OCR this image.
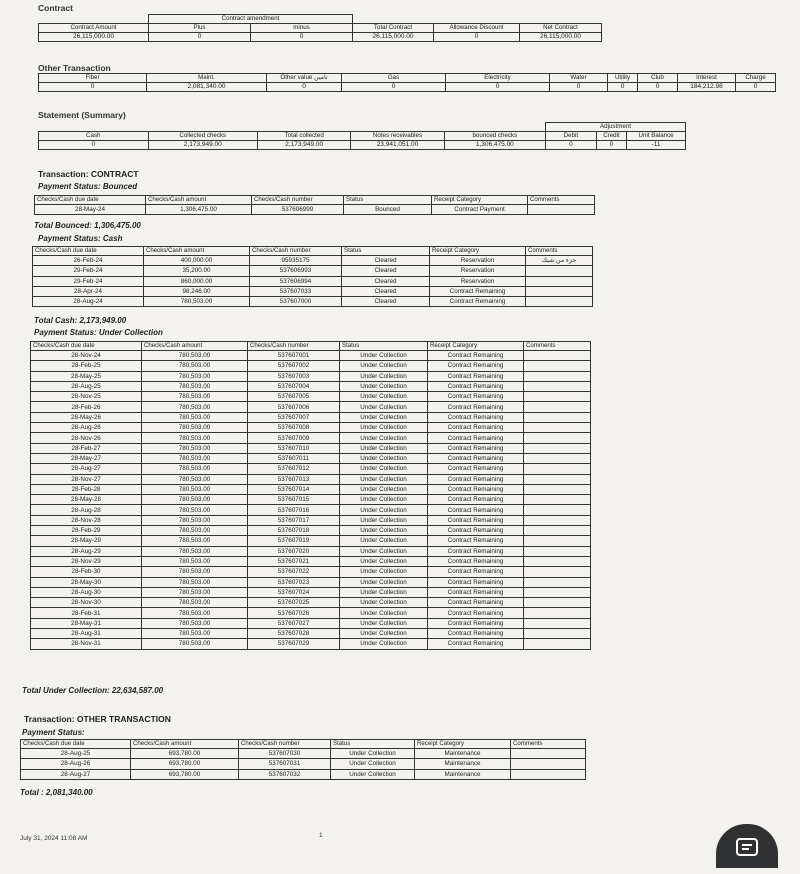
Contract
	Contract amendment				
Contract Amount	Plus	minus	Total Contract	Allowance Discount	Net Contract
26,115,000.00	0	0	26,115,000.00	0	26,115,000.00
Other Transaction
Fiber	Maint.	Other value تأمين	Gas	Electricity	Water	Utility	Club	Interest	Charge
0	2,081,340.00	0	0	0	0	0	0	184,212.98	0
Statement (Summary)
					Adjustment		
Cash	Collected checks	Total collected	Notes receivables	bounced checks	Debit	Credit	Unit Balance
0	2,173,949.00	2,173,949.00	23,941,051.00	1,306,475.00	0	0	-11
Transaction: CONTRACT
Payment Status: Bounced
Checks/Cash due date	Checks/Cash amount	Checks/Cash number	Status	Receipt Category	Comments
28-May-24	1,306,475.00	537606999	Bounced	Contract Payment	
Total Bounced: 1,306,475.00
Payment Status: Cash
Checks/Cash due date	Checks/Cash amount	Checks/Cash number	Status	Receipt Category	Comments
26-Feb-24	400,000.00	95935175	Cleared	Reservation	جزء من شيك
29-Feb-24	35,200.00	537606993	Cleared	Reservation	
29-Feb-24	860,000.00	537606994	Cleared	Reservation	
28-Apr-24	98,246.00	537607033	Cleared	Contract Remaining	
28-Aug-24	780,503.00	537607000	Cleared	Contract Remaining	
Total Cash: 2,173,949.00
Payment Status: Under Collection
Checks/Cash due date	Checks/Cash amount	Checks/Cash number	Status	Receipt Category	Comments
28-Nov-24	780,503.00	537607001	Under Collection	Contract Remaining	
28-Feb-25	780,503.00	537607002	Under Collection	Contract Remaining	
28-May-25	780,503.00	537607003	Under Collection	Contract Remaining	
28-Aug-25	780,503.00	537607004	Under Collection	Contract Remaining	
28-Nov-25	780,503.00	537607005	Under Collection	Contract Remaining	
28-Feb-26	780,503.00	537607006	Under Collection	Contract Remaining	
28-May-26	780,503.00	537607007	Under Collection	Contract Remaining	
28-Aug-26	780,503.00	537607008	Under Collection	Contract Remaining	
28-Nov-26	780,503.00	537607009	Under Collection	Contract Remaining	
28-Feb-27	780,503.00	537607010	Under Collection	Contract Remaining	
28-May-27	780,503.00	537607011	Under Collection	Contract Remaining	
28-Aug-27	780,503.00	537607012	Under Collection	Contract Remaining	
28-Nov-27	780,503.00	537607013	Under Collection	Contract Remaining	
28-Feb-28	780,503.00	537607014	Under Collection	Contract Remaining	
28-May-28	780,503.00	537607015	Under Collection	Contract Remaining	
28-Aug-28	780,503.00	537607016	Under Collection	Contract Remaining	
28-Nov-28	780,503.00	537607017	Under Collection	Contract Remaining	
28-Feb-29	780,503.00	537607018	Under Collection	Contract Remaining	
28-May-29	780,503.00	537607019	Under Collection	Contract Remaining	
28-Aug-29	780,503.00	537607020	Under Collection	Contract Remaining	
28-Nov-29	780,503.00	537607021	Under Collection	Contract Remaining	
28-Feb-30	780,503.00	537607022	Under Collection	Contract Remaining	
28-May-30	780,503.00	537607023	Under Collection	Contract Remaining	
28-Aug-30	780,503.00	537607024	Under Collection	Contract Remaining	
28-Nov-30	780,503.00	537607025	Under Collection	Contract Remaining	
28-Feb-31	780,503.00	537607026	Under Collection	Contract Remaining	
28-May-31	780,503.00	537607027	Under Collection	Contract Remaining	
28-Aug-31	780,503.00	537607028	Under Collection	Contract Remaining	
28-Nov-31	780,503.00	537607029	Under Collection	Contract Remaining	
Total Under Collection: 22,634,587.00
Transaction: OTHER TRANSACTION
Payment Status:
Checks/Cash due date	Checks/Cash amount	Checks/Cash number	Status	Receipt Category	Comments
28-Aug-25	693,780.00	537607030	Under Collection	Maintenance	
28-Aug-26	693,780.00	537607031	Under Collection	Maintenance	
28-Aug-27	693,780.00	537607032	Under Collection	Maintenance	
Total : 2,081,340.00
July 31, 2024 11:08 AM	1
